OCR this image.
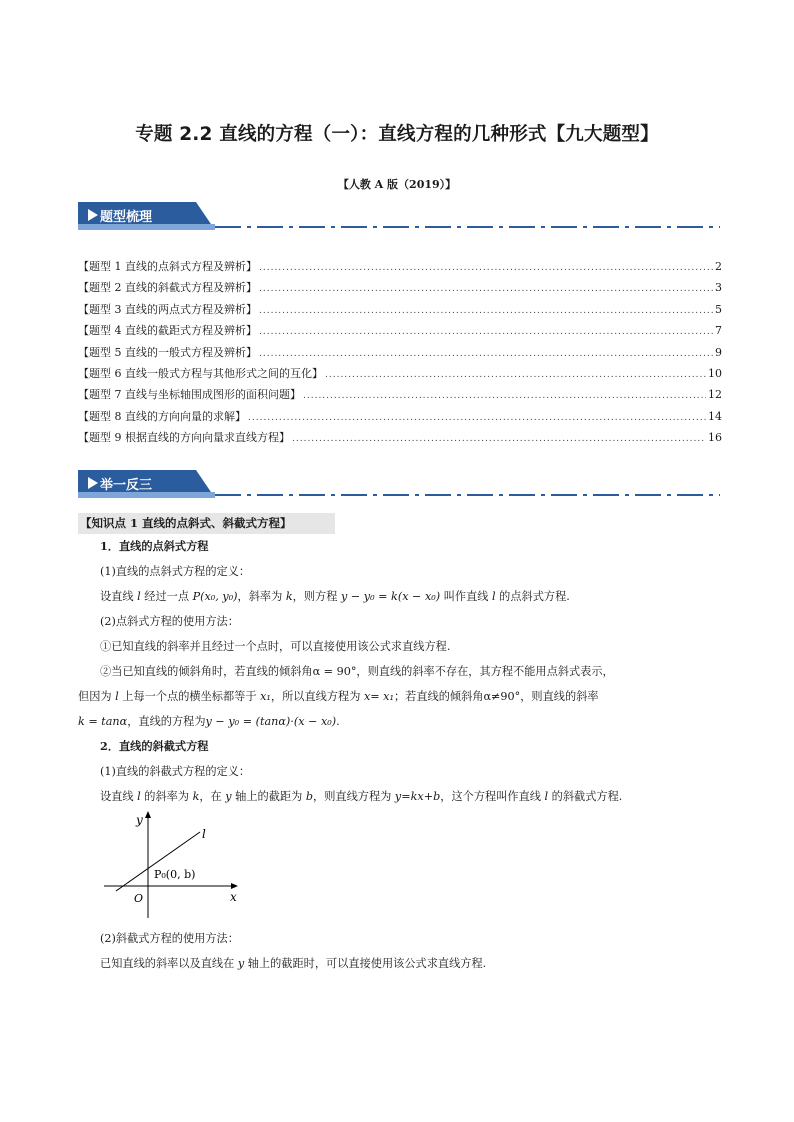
专题 2.2 直线的方程（一）：直线方程的几种形式【九大题型】
【人教 A 版（2019）】
题型梳理
【题型 1 直线的点斜式方程及辨析】 .....	2
【题型 2 直线的斜截式方程及辨析】 .....	3
【题型 3 直线的两点式方程及辨析】 .....	5
【题型 4 直线的截距式方程及辨析】 .....	7
【题型 5 直线的一般式方程及辨析】 .....	9
【题型 6 直线一般式方程与其他形式之间的互化】 .....	10
【题型 7 直线与坐标轴围成图形的面积问题】 .....	12
【题型 8 直线的方向向量的求解】 .....	14
【题型 9 根据直线的方向向量求直线方程】 .....	16
举一反三
【知识点 1 直线的点斜式、斜截式方程】
1．直线的点斜式方程
(1)直线的点斜式方程的定义：
设直线 l 经过一点 P(x₀, y₀)，斜率为 k，则方程 y − y₀ = k(x − x₀) 叫作直线 l 的点斜式方程.
(2)点斜式方程的使用方法：
①已知直线的斜率并且经过一个点时，可以直接使用该公式求直线方程.
②当已知直线的倾斜角时，若直线的倾斜角α = 90°，则直线的斜率不存在，其方程不能用点斜式表示，
但因为 l 上每一个点的横坐标都等于 x₁，所以直线方程为 x= x₁；若直线的倾斜角α≠90°，则直线的斜率
k = tanα，直线的方程为y − y₀ = (tanα)·(x − x₀).
2．直线的斜截式方程
(1)直线的斜截式方程的定义：
设直线 l 的斜率为 k，在 y 轴上的截距为 b，则直线方程为 y=kx+b，这个方程叫作直线 l 的斜截式方程.
y
x
O
l
P₀(0, b)
(2)斜截式方程的使用方法：
已知直线的斜率以及直线在 y 轴上的截距时，可以直接使用该公式求直线方程.
